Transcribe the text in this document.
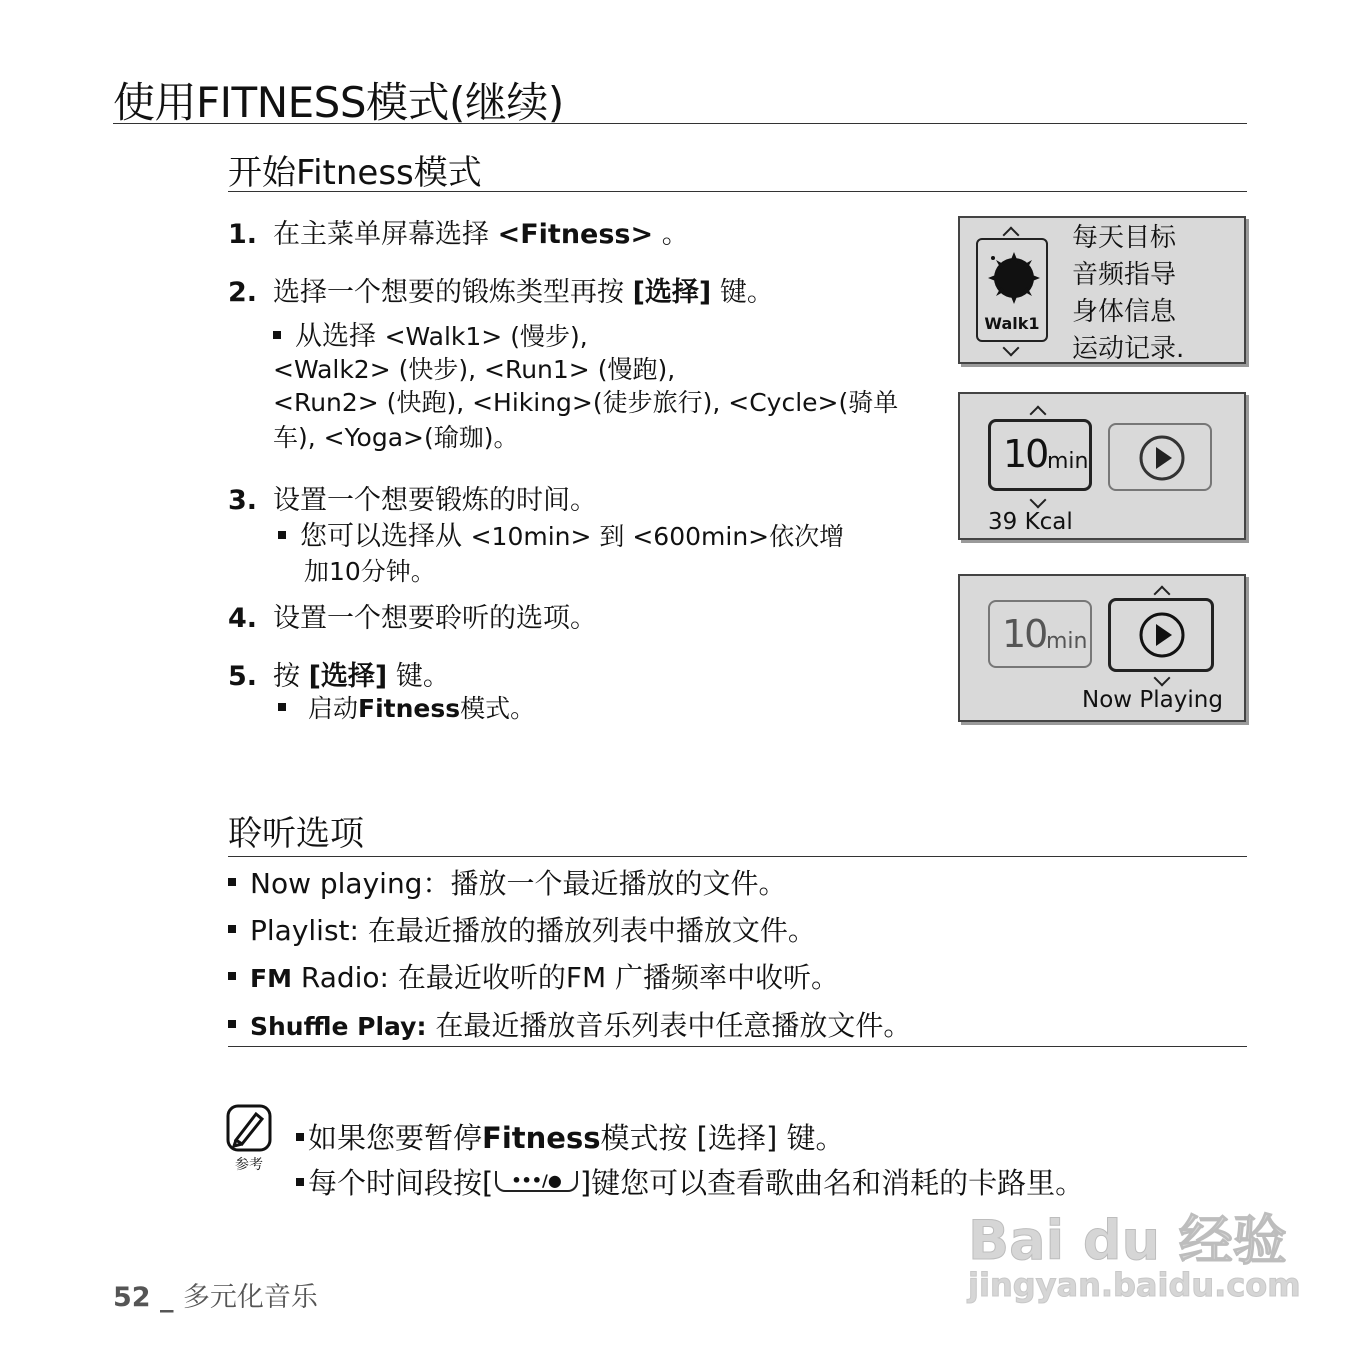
使用FITNESS模式(继续)
开始Fitness模式
1. 在主菜单屏幕选择 <Fitness> 。
2. 选择一个想要的锻炼类型再按 [选择] 键。
从选择 <Walk1> (慢步),
<Walk2> (快步), <Run1> (慢跑),
<Run2> (快跑), <Hiking>(徒步旅行), <Cycle>(骑单
车), <Yoga>(瑜珈)。
3. 设置一个想要锻炼的时间。
您可以选择从 <10min> 到 <600min>依次增
加10分钟。
4. 设置一个想要聆听的选项。
5. 按 [选择] 键。
启动Fitness模式。
Walk1
每天目标
音频指导
身体信息
运动记录.
10 min
39 Kcal
10 min
Now Playing
聆听选项
Now playing：播放一个最近播放的文件。
Playlist: 在最近播放的播放列表中播放文件。
FM Radio: 在最近收听的FM 广播频率中收听。
Shuffle Play: 在最近播放音乐列表中任意播放文件。
参考
如果您要暂停Fitness模式按 [选择] 键。
每个时间段按[ •••/● ]键您可以查看歌曲名和消耗的卡路里。
52 _ 多元化音乐
Bai du 经验
jingyan.baidu.com
